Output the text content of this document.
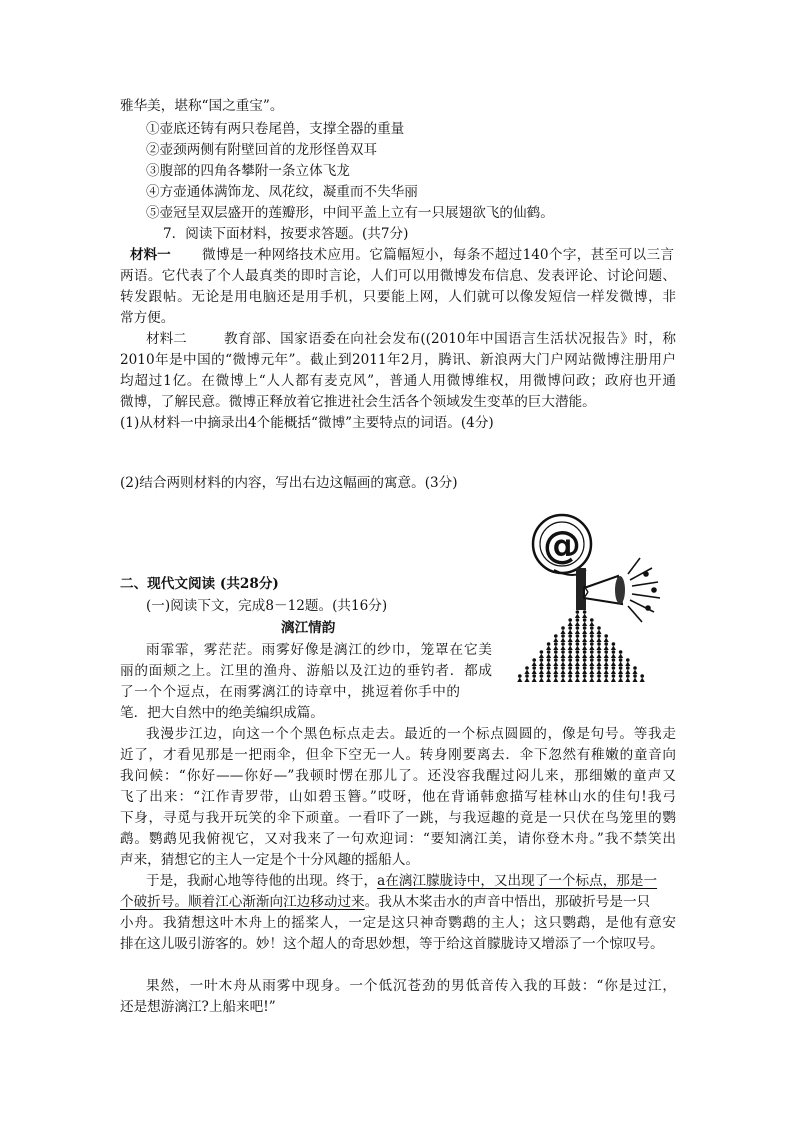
雅华美，堪称“国之重宝”。
①壶底还铸有两只卷尾兽，支撑全器的重量
②壶颈两侧有附壁回首的龙形怪兽双耳
③腹部的四角各攀附一条立体飞龙
④方壶通体满饰龙、凤花纹，凝重而不失华丽
⑤壶冠呈双层盛开的莲瓣形，中间平盖上立有一只展翅欲飞的仙鹤。
7．阅读下面材料，按要求答题。(共7分)
材料一 微博是一种网络技术应用。它篇幅短小，每条不超过140个字，甚至可以三言
两语。它代表了个人最真类的即时言论，人们可以用微博发布信息、发表评论、讨论问题、
转发跟帖。无论是用电脑还是用手机，只要能上网，人们就可以像发短信一样发微博，非
常方便。
材料二	教育部、国家语委在向社会发布((2010年中国语言生活状况报告》时，称
2010年是中国的“微博元年”。截止到2011年2月，腾讯、新浪两大门户网站微博注册用户
均超过1亿。在微博上“人人都有麦克风”，普通人用微博维权，用微博问政；政府也开通
微博，了解民意。微博正释放着它推进社会生活各个领域发生变革的巨大潜能。
(1)从材料一中摘录出4个能概括“微博”主要特点的词语。(4分)
(2)结合两则材料的内容，写出右边这幅画的寓意。(3分)
@
二、现代文阅读 (共28分)
(一)阅读下文，完成8－12题。(共16分)
漓江情韵
雨霏霏，雾茫茫。雨雾好像是漓江的纱巾，笼罩在它美
丽的面颊之上。江里的渔舟、游船以及江边的垂钓者．都成
了一个个逗点，在雨雾漓江的诗章中，挑逗着你手中的
笔．把大自然中的绝美编织成篇。
我漫步江边，向这一个个黑色标点走去。最近的一个标点圆圆的，像是句号。等我走
近了，才看见那是一把雨伞，但伞下空无一人。转身刚要离去．伞下忽然有稚嫩的童音向
我问候：“你好——你好—”我顿时愣在那儿了。还没容我醒过闷儿来，那细嫩的童声又
飞了出来：“江作青罗带，山如碧玉簪。”哎呀，他在背诵韩愈描写桂林山水的佳句!我弓
下身，寻觅与我开玩笑的伞下顽童。一看吓了一跳，与我逗趣的竟是一只伏在鸟笼里的鹦
鹉。鹦鹉见我俯视它，又对我来了一句欢迎词：“要知漓江美，请你登木舟。”我不禁笑出
声来，猜想它的主人一定是个十分风趣的摇船人。
于是，我耐心地等待他的出现。终于，a在漓江朦胧诗中，又出现了一个标点，那是一
个破折号。顺着江心渐渐向江边移动过来。我从木桨击水的声音中悟出，那破折号是一只
小舟。我猜想这叶木舟上的摇桨人，一定是这只神奇鹦鹉的主人；这只鹦鹉，是他有意安
排在这儿吸引游客的。妙！这个超人的奇思妙想，等于给这首朦胧诗又增添了一个惊叹号。
果然，一叶木舟从雨雾中现身。一个低沉苍劲的男低音传入我的耳鼓：“你是过江，
还是想游漓江?上船来吧!”
